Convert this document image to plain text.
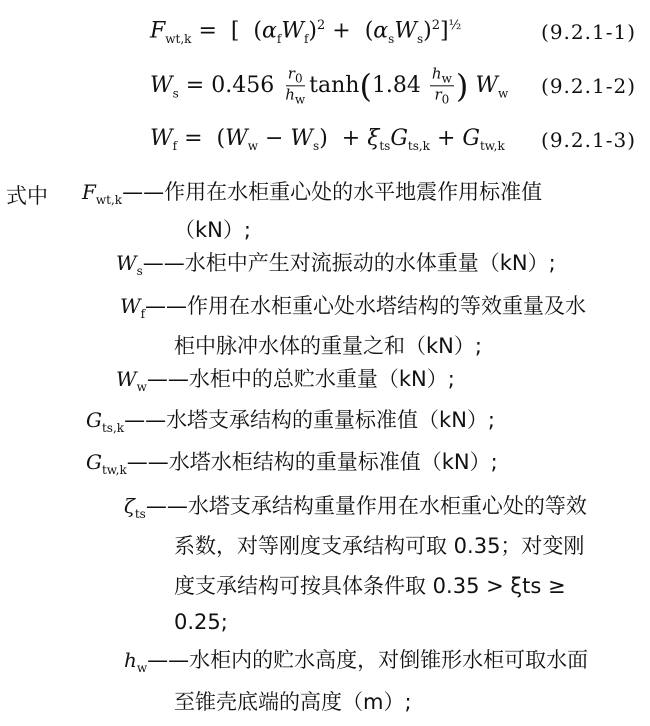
$F_{wt,k}$ =  [  $(\alpha_fW_f)^2 + (\alpha_sW_s)^2]^{\frac{1}{2}}$	(9.2.1-1)
$W_s = 0.456 \frac{r_0}{h_w} \tanh(1.84 \frac{h_w}{r_0}$ ) $W_w$ (9.2.1-2)
$W_f = (W_w - W_s) + \xi_{ts}G_{ts,k} + G_{tw,k}$ (9.2.1-3)
式中 $F_{wt,k}——$作用在水柜重心处的水平地震作用标准值
（kN）;
$W_s——$水柜中产生对流振动的水体重量（kN）;
$W_f——$作用在水柜重心处水塔结构的等效重量及水
柜中脉冲水体的重量之和（kN）;
$W_w——$水柜中的总贮水重量（kN）;
$G_{ts,k}——$水塔支承结构的重量标准值（kN）;
$G_{tw,k}——$水塔水柜结构的重量标准值（kN）;
$\zeta_{ts}——$水塔支承结构重量作用在水柜重心处的等效
系数，对等刚度支承结构可取 0.35；对变刚
度支承结构可按具体条件取 0.35 > ξts ≥
0.25;
$h_w——$水柜内的贮水高度，对倒锥形水柜可取水面
至锥壳底端的高度（m）;
